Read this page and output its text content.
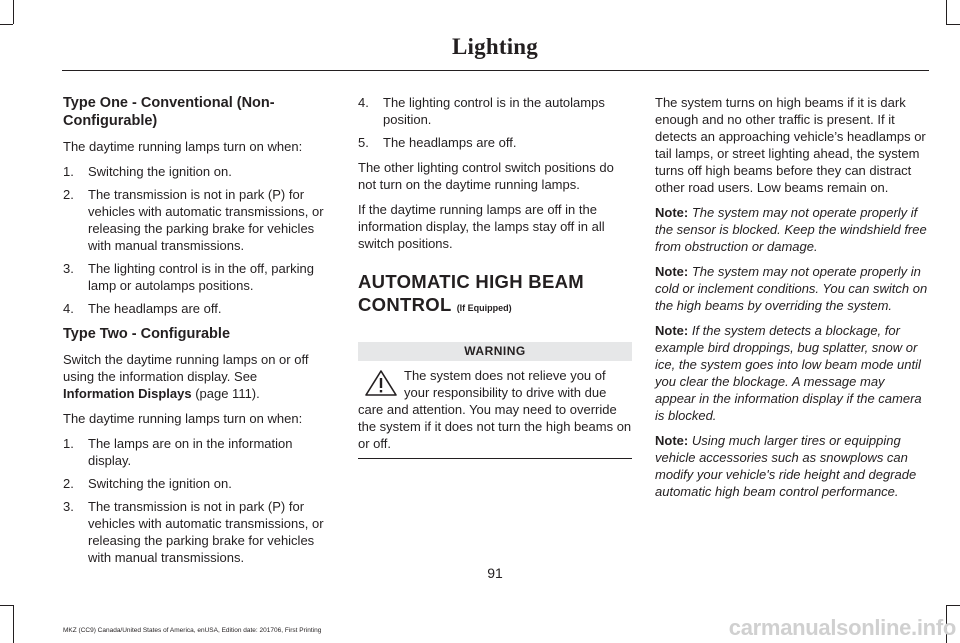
Lighting
Type One - Conventional (Non-Configurable)
The daytime running lamps turn on when:
1. Switching the ignition on.
2. The transmission is not in park (P) for vehicles with automatic transmissions, or releasing the parking brake for vehicles with manual transmissions.
3. The lighting control is in the off, parking lamp or autolamps positions.
4. The headlamps are off.
Type Two - Configurable
Switch the daytime running lamps on or off using the information display. See
Information Displays (page 111).
The daytime running lamps turn on when:
1. The lamps are on in the information display.
2. Switching the ignition on.
3. The transmission is not in park (P) for vehicles with automatic transmissions, or releasing the parking brake for vehicles with manual transmissions.
4. The lighting control is in the autolamps position.
5. The headlamps are off.
The other lighting control switch positions do not turn on the daytime running lamps.
If the daytime running lamps are off in the information display, the lamps stay off in all switch positions.
AUTOMATIC HIGH BEAM
CONTROL (If Equipped)
WARNING
The system does not relieve you of your responsibility to drive with due care and attention. You may need to override the system if it does not turn the high beams on or off.
The system turns on high beams if it is dark enough and no other traffic is present. If it detects an approaching vehicle’s headlamps or tail lamps, or street lighting ahead, the system turns off high beams before they can distract other road users. Low beams remain on.
Note: The system may not operate properly if the sensor is blocked. Keep the windshield free from obstruction or damage.
Note: The system may not operate properly in cold or inclement conditions. You can switch on the high beams by overriding the system.
Note: If the system detects a blockage, for example bird droppings, bug splatter, snow or ice, the system goes into low beam mode until you clear the blockage. A message may appear in the information display if the camera is blocked.
Note: Using much larger tires or equipping vehicle accessories such as snowplows can modify your vehicle's ride height and degrade automatic high beam control performance.
91
MKZ (CC9) Canada/United States of America, enUSA, Edition date: 201706, First Printing	carmanualsonline.info
